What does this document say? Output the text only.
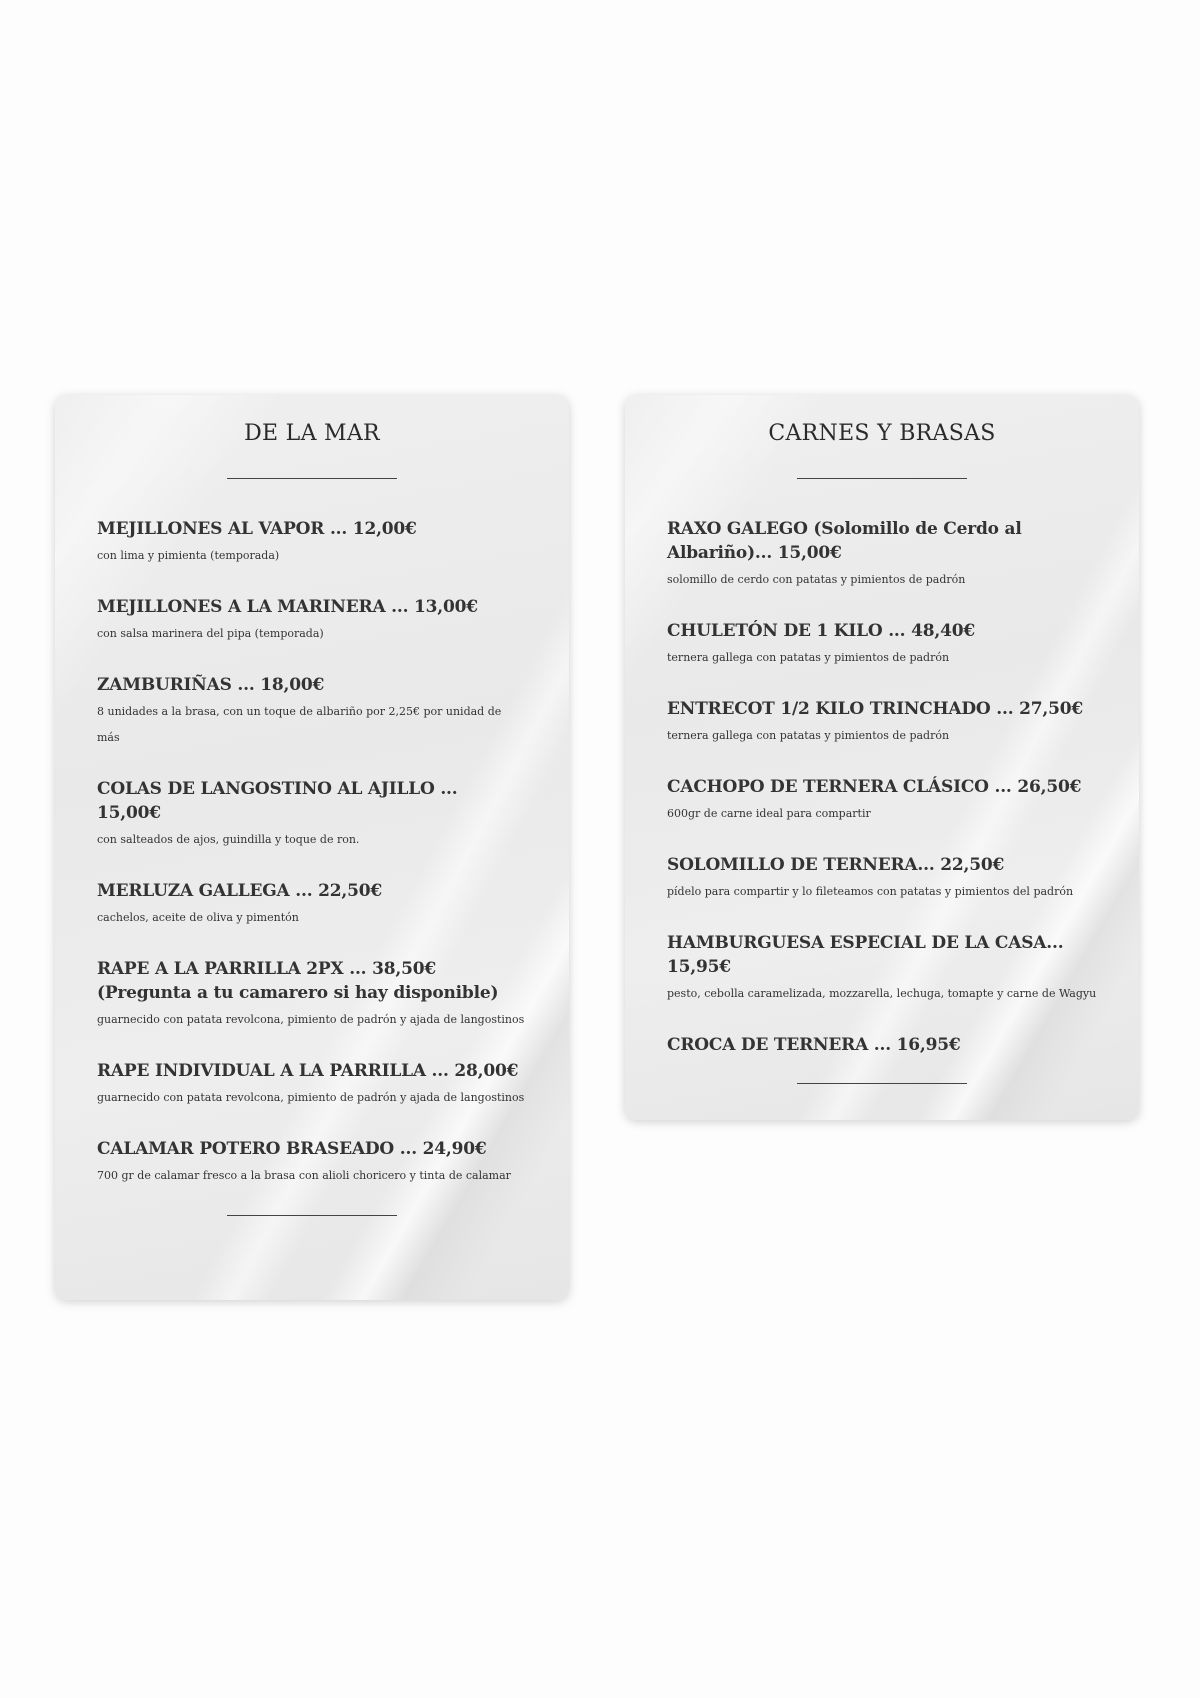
DE LA MAR
MEJILLONES AL VAPOR ... 12,00€
con lima y pimienta (temporada)
MEJILLONES A LA MARINERA ... 13,00€
con salsa marinera del pipa (temporada)
ZAMBURIÑAS ... 18,00€
8 unidades a la brasa, con un toque de albariño por 2,25€ por unidad de más
COLAS DE LANGOSTINO AL AJILLO ... 15,00€
con salteados de ajos, guindilla y toque de ron.
MERLUZA GALLEGA ... 22,50€
cachelos, aceite de oliva y pimentón
RAPE A LA PARRILLA 2PX ... 38,50€ (Pregunta a tu camarero si hay disponible)
guarnecido con patata revolcona, pimiento de padrón y ajada de langostinos
RAPE INDIVIDUAL A LA PARRILLA ... 28,00€
guarnecido con patata revolcona, pimiento de padrón y ajada de langostinos
CALAMAR POTERO BRASEADO ... 24,90€
700 gr de calamar fresco a la brasa con alioli choricero y tinta de calamar
CARNES Y BRASAS
RAXO GALEGO (Solomillo de Cerdo al Albariño)... 15,00€
solomillo de cerdo con patatas y pimientos de padrón
CHULETÓN DE 1 KILO ... 48,40€
ternera gallega con patatas y pimientos de padrón
ENTRECOT 1/2 KILO TRINCHADO ... 27,50€
ternera gallega con patatas y pimientos de padrón
CACHOPO DE TERNERA CLÁSICO ... 26,50€
600gr de carne ideal para compartir
SOLOMILLO DE TERNERA... 22,50€
pídelo para compartir y lo fileteamos con patatas y pimientos del padrón
HAMBURGUESA ESPECIAL DE LA CASA... 15,95€
pesto, cebolla caramelizada, mozzarella, lechuga, tomapte y carne de Wagyu
CROCA DE TERNERA ... 16,95€
